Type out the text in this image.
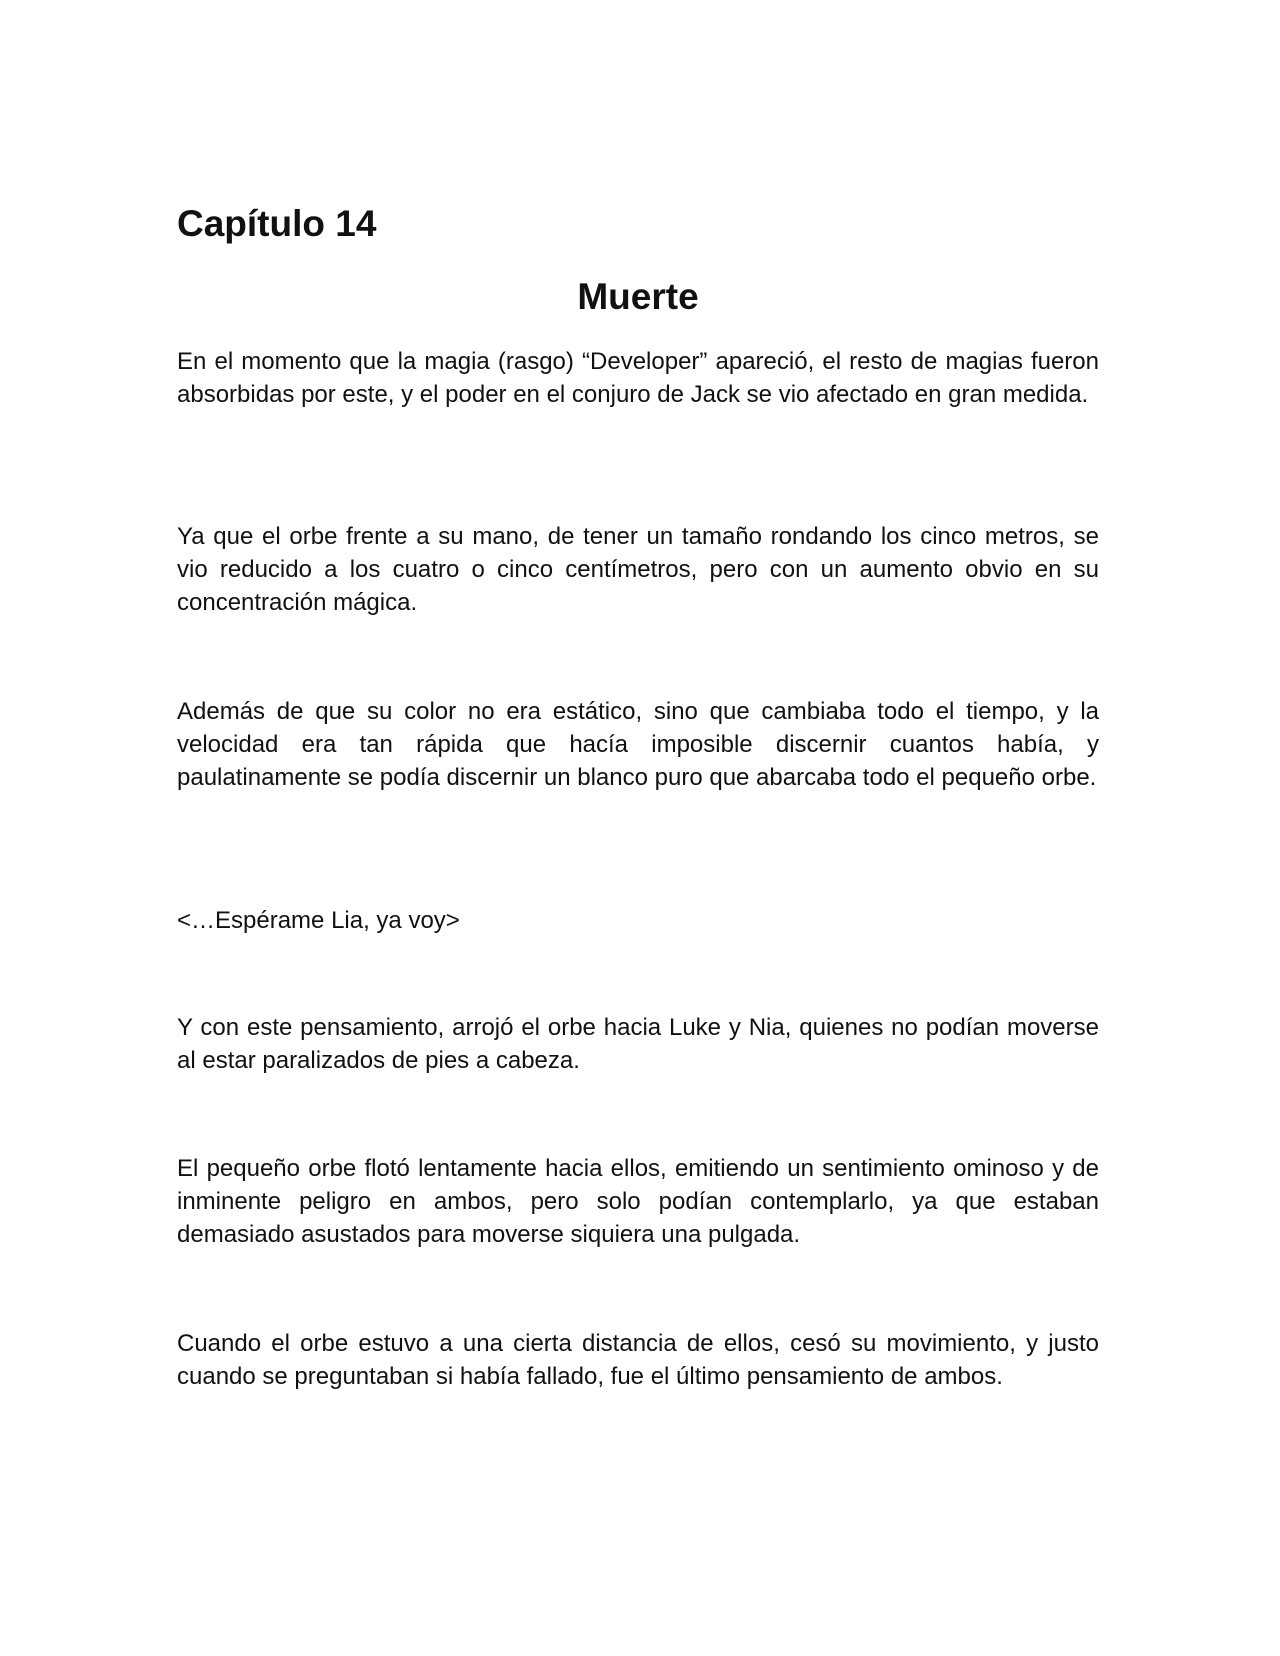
Capítulo 14
Muerte

En el momento que la magia (rasgo) “Developer” apareció, el resto de magias fueron absorbidas por este, y el poder en el conjuro de Jack se vio afectado en gran medida.

Ya que el orbe frente a su mano, de tener un tamaño rondando los cinco metros, se vio reducido a los cuatro o cinco centímetros, pero con un aumento obvio en su concentración mágica.

Además de que su color no era estático, sino que cambiaba todo el tiempo, y la velocidad era tan rápida que hacía imposible discernir cuantos había, y paulatinamente se podía discernir un blanco puro que abarcaba todo el pequeño orbe.

<…Espérame Lia, ya voy>

Y con este pensamiento, arrojó el orbe hacia Luke y Nia, quienes no podían moverse al estar paralizados de pies a cabeza.

El pequeño orbe flotó lentamente hacia ellos, emitiendo un sentimiento ominoso y de inminente peligro en ambos, pero solo podían contemplarlo, ya que estaban demasiado asustados para moverse siquiera una pulgada.

Cuando el orbe estuvo a una cierta distancia de ellos, cesó su movimiento, y justo cuando se preguntaban si había fallado, fue el último pensamiento de ambos.
